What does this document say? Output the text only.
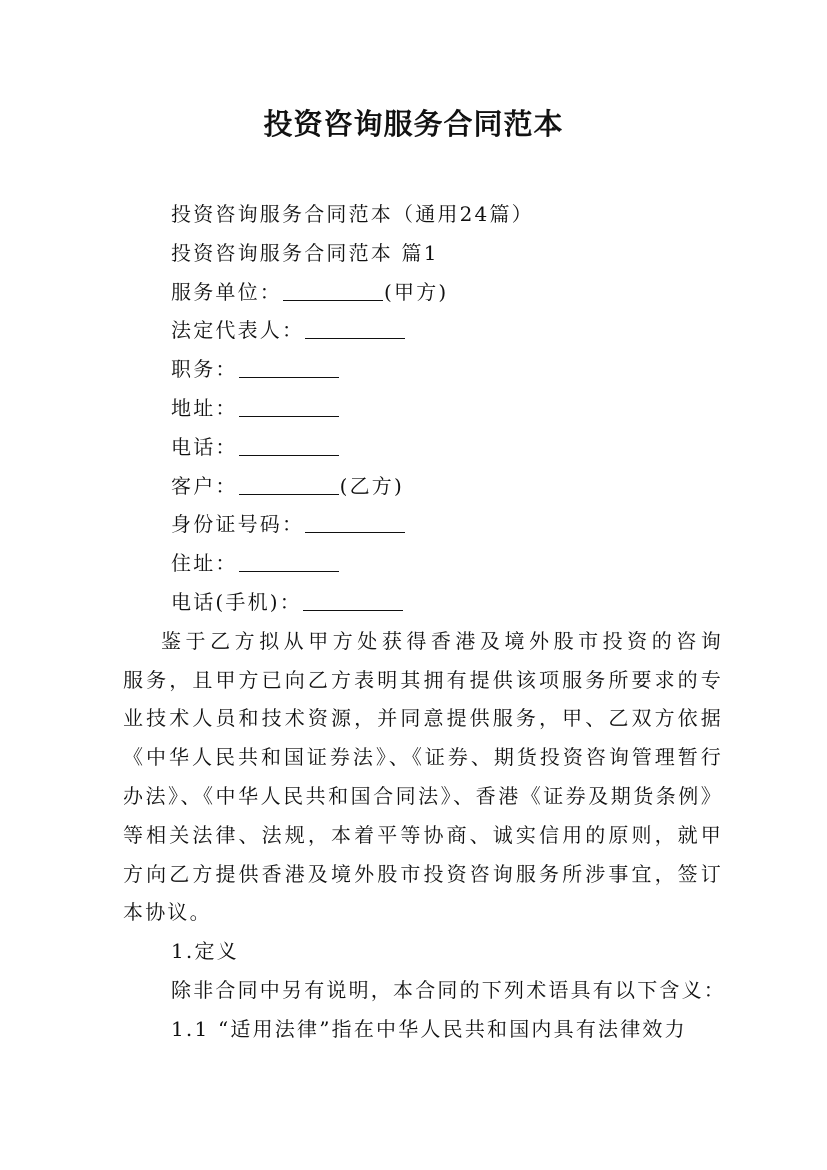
投资咨询服务合同范本
投资咨询服务合同范本（通用24篇）
投资咨询服务合同范本 篇1
服务单位：	(甲方)
法定代表人：
职务：
地址：
电话：
客户：	(乙方)
身份证号码：
住址：
电话(手机)：
鉴于乙方拟从甲方处获得香港及境外股市投资的咨询
服务，且甲方已向乙方表明其拥有提供该项服务所要求的专
业技术人员和技术资源，并同意提供服务，甲、乙双方依据
《中华人民共和国证券法》、《证券、期货投资咨询管理暂行
办法》、《中华人民共和国合同法》、香港《证券及期货条例》
等相关法律、法规，本着平等协商、诚实信用的原则，就甲
方向乙方提供香港及境外股市投资咨询服务所涉事宜，签订
本协议。
1.定义
除非合同中另有说明，本合同的下列术语具有以下含义：
1.1 “适用法律”指在中华人民共和国内具有法律效力
